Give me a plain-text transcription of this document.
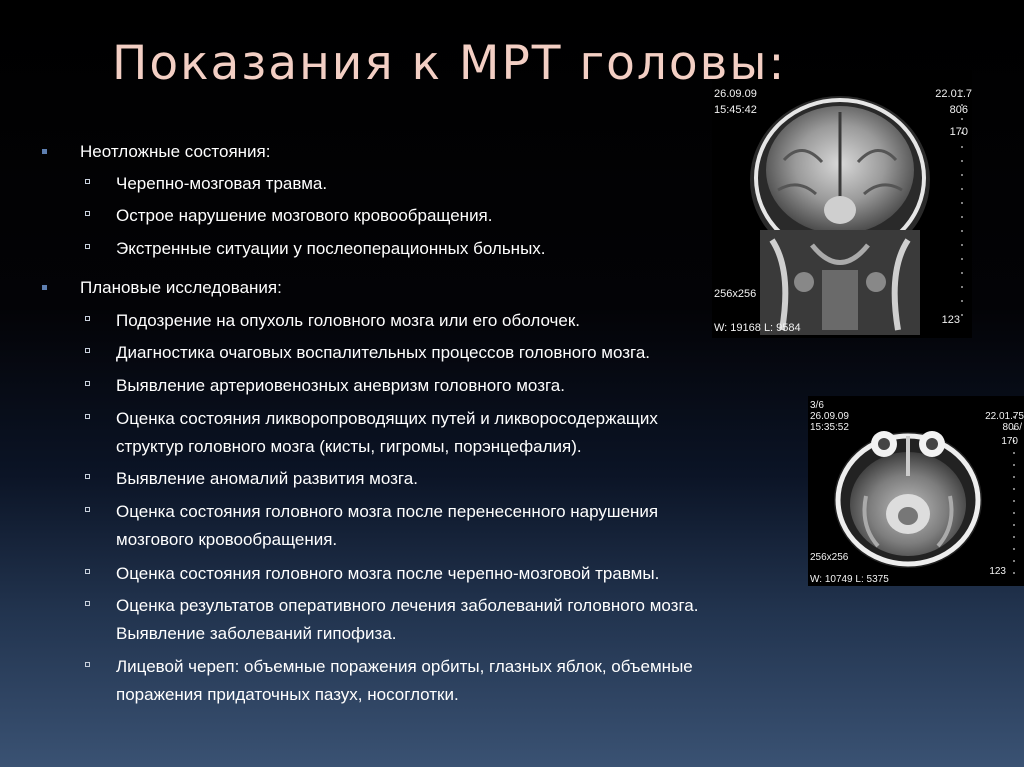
Показания к МРТ головы:
26.09.09
15:45:42
22.01.7
806
170
256x256
W: 19168 L: 9584
123
3/6
26.09.09
15:35:52
22.01.75
806/
170
256x256
W: 10749 L: 5375
123
Неотложные состояния:
Черепно-мозговая травма.
Острое нарушение мозгового кровообращения.
Экстренные ситуации у послеоперационных больных.
Плановые исследования:
Подозрение на опухоль головного мозга или его оболочек.
Диагностика очаговых воспалительных процессов головного мозга.
Выявление артериовенозных аневризм головного мозга.
Оценка состояния ликворопроводящих путей и ликворосодержащих
структур головного мозга (кисты, гигромы, порэнцефалия).
Выявление аномалий развития мозга.
Оценка состояния головного мозга после перенесенного нарушения
мозгового кровообращения.
Оценка состояния головного мозга после черепно-мозговой травмы.
Оценка результатов оперативного лечения заболеваний головного мозга.
Выявление заболеваний гипофиза.
Лицевой череп: объемные поражения орбиты, глазных яблок, объемные
поражения придаточных пазух, носоглотки.
